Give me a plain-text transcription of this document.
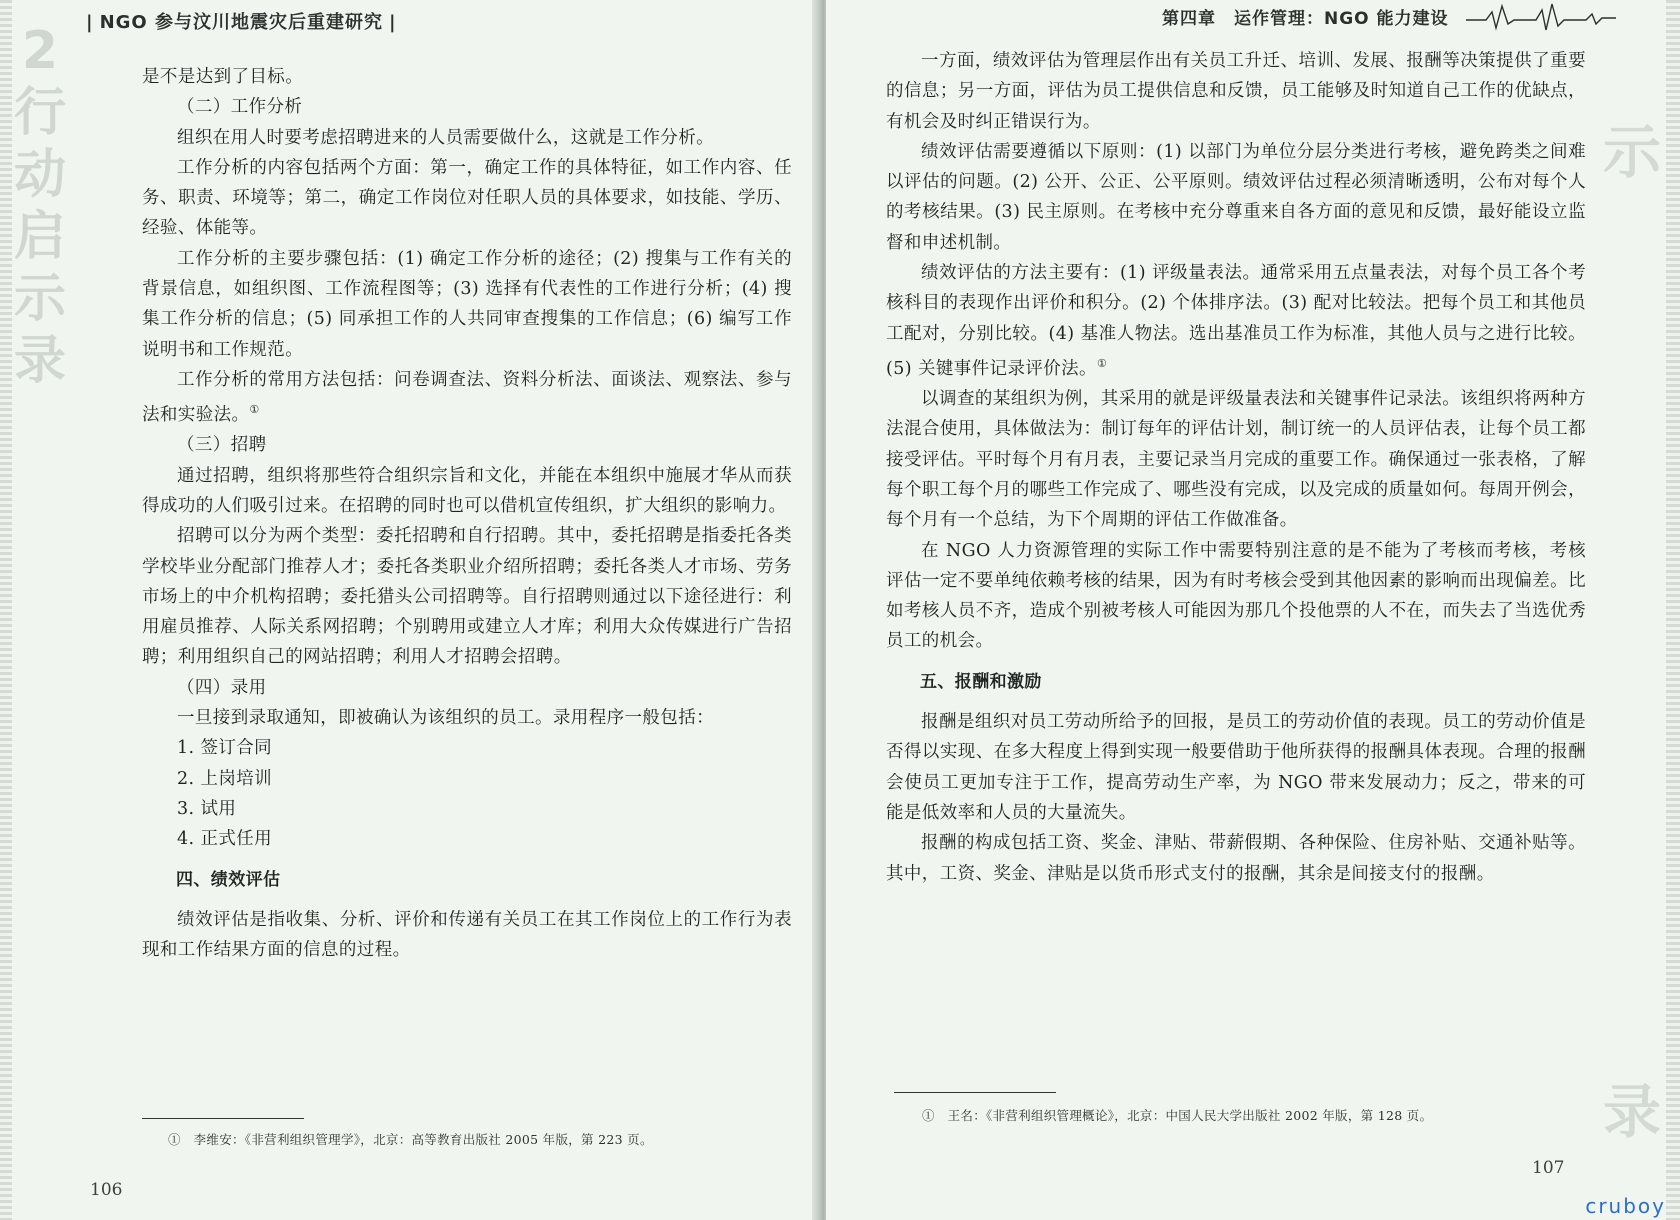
2
行
动
启
示
录
| NGO 参与汶川地震灾后重建研究 |

是不是达到了目标。

（二）工作分析

组织在用人时要考虑招聘进来的人员需要做什么，这就是工作分析。

工作分析的内容包括两个方面：第一，确定工作的具体特征，如工作内容、任务、职责、环境等；第二，确定工作岗位对任职人员的具体要求，如技能、学历、经验、体能等。

工作分析的主要步骤包括：(1) 确定工作分析的途径；(2) 搜集与工作有关的背景信息，如组织图、工作流程图等；(3) 选择有代表性的工作进行分析；(4) 搜集工作分析的信息；(5) 同承担工作的人共同审查搜集的工作信息；(6) 编写工作说明书和工作规范。

工作分析的常用方法包括：问卷调查法、资料分析法、面谈法、观察法、参与法和实验法。①

（三）招聘

通过招聘，组织将那些符合组织宗旨和文化，并能在本组织中施展才华从而获得成功的人们吸引过来。在招聘的同时也可以借机宣传组织，扩大组织的影响力。

招聘可以分为两个类型：委托招聘和自行招聘。其中，委托招聘是指委托各类学校毕业分配部门推荐人才；委托各类职业介绍所招聘；委托各类人才市场、劳务市场上的中介机构招聘；委托猎头公司招聘等。自行招聘则通过以下途径进行：利用雇员推荐、人际关系网招聘；个别聘用或建立人才库；利用大众传媒进行广告招聘；利用组织自己的网站招聘；利用人才招聘会招聘。

（四）录用

一旦接到录取通知，即被确认为该组织的员工。录用程序一般包括：

1. 签订合同

2. 上岗培训

3. 试用

4. 正式任用

四、绩效评估

绩效评估是指收集、分析、评价和传递有关员工在其工作岗位上的工作行为表现和工作结果方面的信息的过程。

①　李维安：《非营利组织管理学》，北京：高等教育出版社 2005 年版，第 223 页。
106
第四章 运作管理：NGO 能力建设
示
录

一方面，绩效评估为管理层作出有关员工升迁、培训、发展、报酬等决策提供了重要的信息；另一方面，评估为员工提供信息和反馈，员工能够及时知道自己工作的优缺点，有机会及时纠正错误行为。

绩效评估需要遵循以下原则：(1) 以部门为单位分层分类进行考核，避免跨类之间难以评估的问题。(2) 公开、公正、公平原则。绩效评估过程必须清晰透明，公布对每个人的考核结果。(3) 民主原则。在考核中充分尊重来自各方面的意见和反馈，最好能设立监督和申述机制。

绩效评估的方法主要有：(1) 评级量表法。通常采用五点量表法，对每个员工各个考核科目的表现作出评价和积分。(2) 个体排序法。(3) 配对比较法。把每个员工和其他员工配对，分别比较。(4) 基准人物法。选出基准员工作为标准，其他人员与之进行比较。(5) 关键事件记录评价法。①

以调查的某组织为例，其采用的就是评级量表法和关键事件记录法。该组织将两种方法混合使用，具体做法为：制订每年的评估计划，制订统一的人员评估表，让每个员工都接受评估。平时每个月有月表，主要记录当月完成的重要工作。确保通过一张表格，了解每个职工每个月的哪些工作完成了、哪些没有完成，以及完成的质量如何。每周开例会，每个月有一个总结，为下个周期的评估工作做准备。

在 NGO 人力资源管理的实际工作中需要特别注意的是不能为了考核而考核，考核评估一定不要单纯依赖考核的结果，因为有时考核会受到其他因素的影响而出现偏差。比如考核人员不齐，造成个别被考核人可能因为那几个投他票的人不在，而失去了当选优秀员工的机会。

五、报酬和激励

报酬是组织对员工劳动所给予的回报，是员工的劳动价值的表现。员工的劳动价值是否得以实现、在多大程度上得到实现一般要借助于他所获得的报酬具体表现。合理的报酬会使员工更加专注于工作，提高劳动生产率，为 NGO 带来发展动力；反之，带来的可能是低效率和人员的大量流失。

报酬的构成包括工资、奖金、津贴、带薪假期、各种保险、住房补贴、交通补贴等。其中，工资、奖金、津贴是以货币形式支付的报酬，其余是间接支付的报酬。

①　王名：《非营利组织管理概论》，北京：中国人民大学出版社 2002 年版，第 128 页。
107
cruboy
